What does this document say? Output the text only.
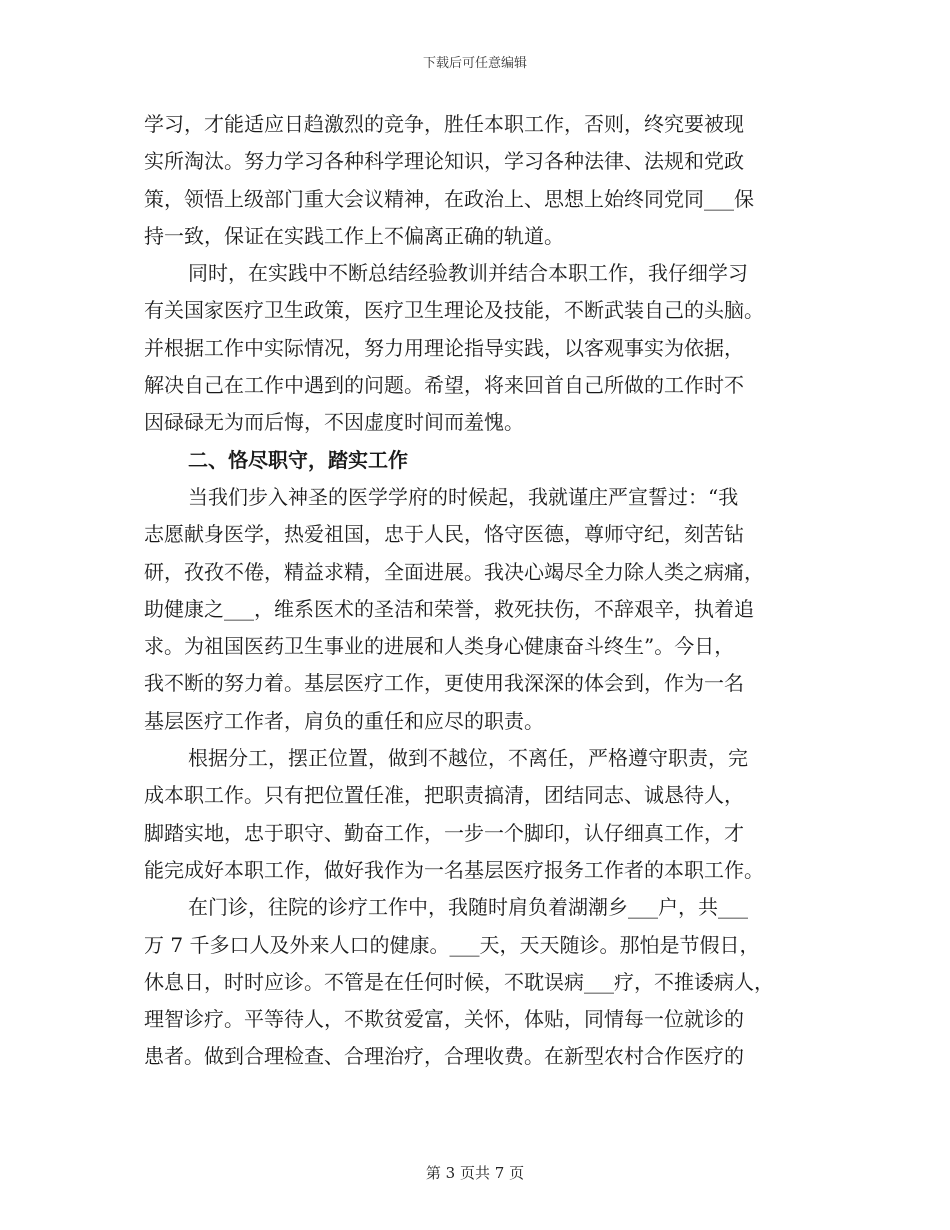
下载后可任意编辑
学习，才能适应日趋激烈的竞争，胜任本职工作，否则，终究要被现
实所淘汰。努力学习各种科学理论知识，学习各种法律、法规和党政
策，领悟上级部门重大会议精神，在政治上、思想上始终同党同___保
持一致，保证在实践工作上不偏离正确的轨道。
同时，在实践中不断总结经验教训并结合本职工作，我仔细学习
有关国家医疗卫生政策，医疗卫生理论及技能，不断武装自己的头脑。
并根据工作中实际情况，努力用理论指导实践，以客观事实为依据，
解决自己在工作中遇到的问题。希望，将来回首自己所做的工作时不
因碌碌无为而后悔，不因虚度时间而羞愧。
二、恪尽职守，踏实工作
当我们步入神圣的医学学府的时候起，我就谨庄严宣誓过：“我
志愿献身医学，热爱祖国，忠于人民，恪守医德，尊师守纪，刻苦钻
研，孜孜不倦，精益求精，全面进展。我决心竭尽全力除人类之病痛，
助健康之___，维系医术的圣洁和荣誉，救死扶伤，不辞艰辛，执着追
求。为祖国医药卫生事业的进展和人类身心健康奋斗终生”。今日，
我不断的努力着。基层医疗工作，更使用我深深的体会到，作为一名
基层医疗工作者，肩负的重任和应尽的职责。
根据分工，摆正位置，做到不越位，不离任，严格遵守职责，完
成本职工作。只有把位置任准，把职责搞清，团结同志、诚恳待人，
脚踏实地，忠于职守、勤奋工作，一步一个脚印，认仔细真工作，才
能完成好本职工作，做好我作为一名基层医疗报务工作者的本职工作。
在门诊，往院的诊疗工作中，我随时肩负着湖潮乡___户，共___
万 7 千多口人及外来人口的健康。___天，天天随诊。那怕是节假日，
休息日，时时应诊。不管是在任何时候，不耽误病___疗，不推诿病人，
理智诊疗。平等待人，不欺贫爱富，关怀，体贴，同情每一位就诊的
患者。做到合理检查、合理治疗，合理收费。在新型农村合作医疗的
第 3 页共 7 页
